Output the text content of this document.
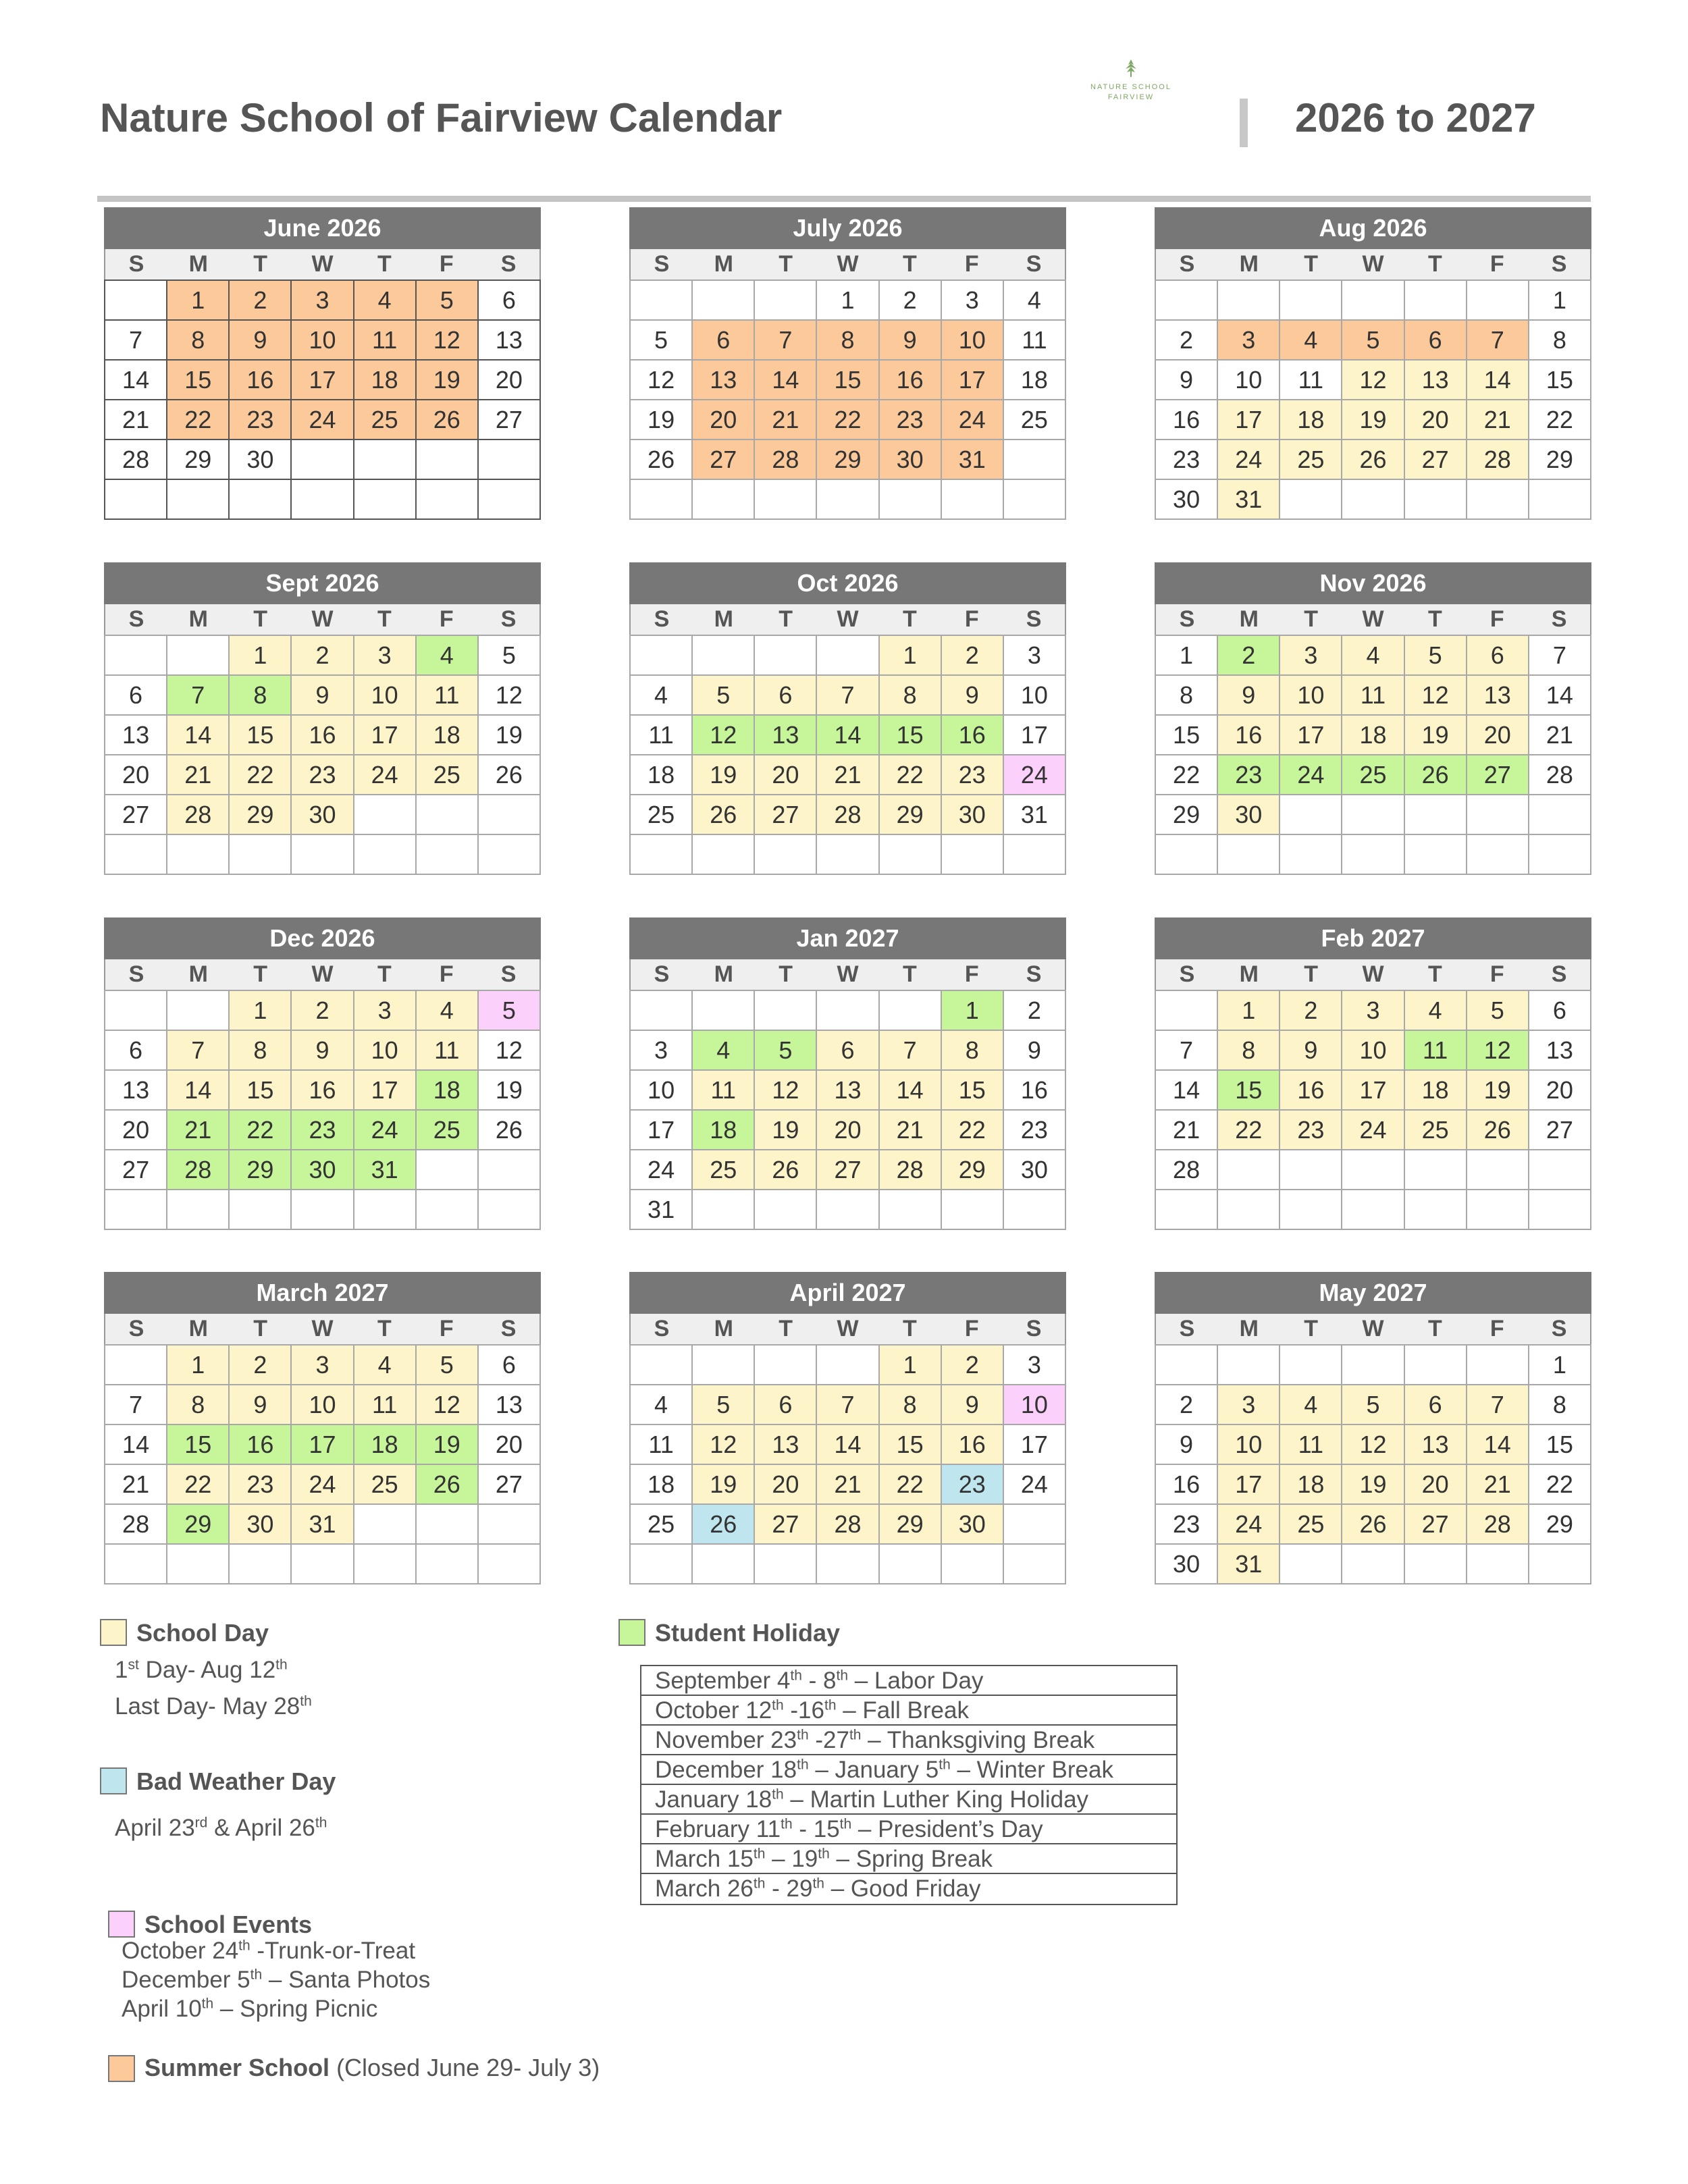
Nature School of Fairview Calendar
NATURE SCHOOL FAIRVIEW	2026 to 2027
June 2026
S	M	T	W	T	F	S
	1	2	3	4	5	6
7	8	9	10	11	12	13
14	15	16	17	18	19	20
21	22	23	24	25	26	27
28	29	30				

July 2026
S	M	T	W	T	F	S
			1	2	3	4
5	6	7	8	9	10	11
12	13	14	15	16	17	18
19	20	21	22	23	24	25
26	27	28	29	30	31	

Aug 2026
S	M	T	W	T	F	S
						1
2	3	4	5	6	7	8
9	10	11	12	13	14	15
16	17	18	19	20	21	22
23	24	25	26	27	28	29
30	31					
Sept 2026
S	M	T	W	T	F	S
		1	2	3	4	5
6	7	8	9	10	11	12
13	14	15	16	17	18	19
20	21	22	23	24	25	26
27	28	29	30			

Oct 2026
S	M	T	W	T	F	S
				1	2	3
4	5	6	7	8	9	10
11	12	13	14	15	16	17
18	19	20	21	22	23	24
25	26	27	28	29	30	31

Nov 2026
S	M	T	W	T	F	S
1	2	3	4	5	6	7
8	9	10	11	12	13	14
15	16	17	18	19	20	21
22	23	24	25	26	27	28
29	30					

Dec 2026
S	M	T	W	T	F	S
		1	2	3	4	5
6	7	8	9	10	11	12
13	14	15	16	17	18	19
20	21	22	23	24	25	26
27	28	29	30	31		

Jan 2027
S	M	T	W	T	F	S
					1	2
3	4	5	6	7	8	9
10	11	12	13	14	15	16
17	18	19	20	21	22	23
24	25	26	27	28	29	30
31						
Feb 2027
S	M	T	W	T	F	S
	1	2	3	4	5	6
7	8	9	10	11	12	13
14	15	16	17	18	19	20
21	22	23	24	25	26	27
28						

March 2027
S	M	T	W	T	F	S
	1	2	3	4	5	6
7	8	9	10	11	12	13
14	15	16	17	18	19	20
21	22	23	24	25	26	27
28	29	30	31			

April 2027
S	M	T	W	T	F	S
				1	2	3
4	5	6	7	8	9	10
11	12	13	14	15	16	17
18	19	20	21	22	23	24
25	26	27	28	29	30	

May 2027
S	M	T	W	T	F	S
						1
2	3	4	5	6	7	8
9	10	11	12	13	14	15
16	17	18	19	20	21	22
23	24	25	26	27	28	29
30	31					
School Day
1st Day- Aug 12th
Last Day- May 28th
Bad Weather Day
April 23rd & April 26th
School Events
October 24th -Trunk-or-Treat
December 5th – Santa Photos
April 10th – Spring Picnic
Summer School (Closed June 29- July 3)
Student Holiday
September 4th - 8th – Labor Day
October 12th -16th – Fall Break
November 23th -27th – Thanksgiving Break
December 18th – January 5th – Winter Break
January 18th – Martin Luther King Holiday
February 11th - 15th – President’s Day
March 15th – 19th – Spring Break
March 26th - 29th – Good Friday
